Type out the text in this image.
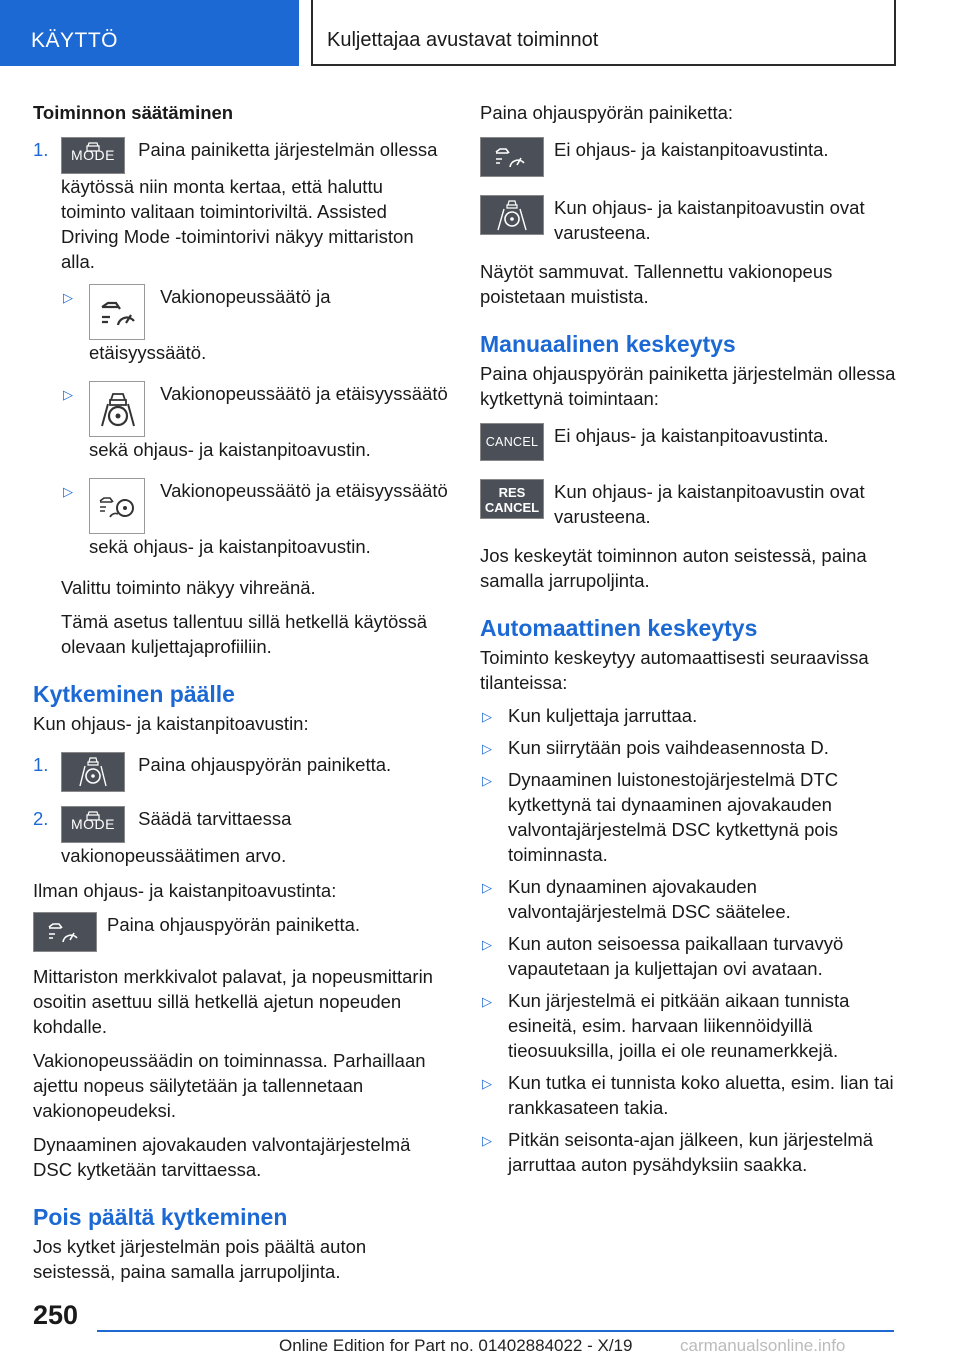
KÄYTTÖ	Kuljettajaa avustavat toiminnot
Toiminnon säätäminen
1.	MODE	Paina painiketta järjestelmän ollessa käytössä niin monta kertaa, että haluttu toiminto valitaan toimintoriviltä. Assisted Driving Mode -toimintorivi näkyy mittariston alla.
▷	Vakionopeussäätö ja etäisyyssäätö.
▷	Vakionopeussäätö ja etäisyyssäätö sekä ohjaus- ja kaistanpitoavustin.
▷	Vakionopeussäätö ja etäisyyssäätö sekä ohjaus- ja kaistanpitoavustin.

Valittu toiminto näkyy vihreänä.

Tämä asetus tallentuu sillä hetkellä käytössä olevaan kuljettajaprofiiliin.

Kytkeminen päälle

Kun ohjaus- ja kaistanpitoavustin:

1.	Paina ohjauspyörän painiketta.
2.	MODE	Säädä tarvittaessa vakionopeussäätimen arvo.

Ilman ohjaus- ja kaistanpitoavustinta:

Paina ohjauspyörän painiketta.

Mittariston merkkivalot palavat, ja nopeusmittarin osoitin asettuu sillä hetkellä ajetun nopeuden kohdalle.

Vakionopeussäädin on toiminnassa. Parhaillaan ajettu nopeus säilytetään ja tallennetaan vakionopeudeksi.

Dynaaminen ajovakauden valvontajärjestelmä DSC kytketään tarvittaessa.

Pois päältä kytkeminen

Jos kytket järjestelmän pois päältä auton seistessä, paina samalla jarrupoljinta.

Paina ohjauspyörän painiketta:

Ei ohjaus- ja kaistanpitoavustinta.
Kun ohjaus- ja kaistanpitoavustin ovat varusteena.

Näytöt sammuvat. Tallennettu vakionopeus poistetaan muistista.

Manuaalinen keskeytys

Paina ohjauspyörän painiketta järjestelmän ollessa kytkettynä toimintaan:

CANCEL Ei ohjaus- ja kaistanpitoavustinta.
RES
CANCEL
Kun ohjaus- ja kaistanpitoavustin ovat varusteena.

Jos keskeytät toiminnon auton seistessä, paina samalla jarrupoljinta.

Automaattinen keskeytys

Toiminto keskeytyy automaattisesti seuraavissa tilanteissa:

▷ Kun kuljettaja jarruttaa.
▷ Kun siirrytään pois vaihdeasennosta D.
▷ Dynaaminen luistonestojärjestelmä DTC kytkettynä tai dynaaminen ajovakauden valvontajärjestelmä DSC kytkettynä pois toiminnasta.
▷ Kun dynaaminen ajovakauden valvontajärjestelmä DSC säätelee.
▷ Kun auton seisoessa paikallaan turvavyö vapautetaan ja kuljettajan ovi avataan.
▷ Kun järjestelmä ei pitkään aikaan tunnista esineitä, esim. harvaan liikennöidyillä tieosuuksilla, joilla ei ole reunamerkkejä.
▷ Kun tutka ei tunnista koko aluetta, esim. lian tai rankkasateen takia.
▷ Pitkän seisonta-ajan jälkeen, kun järjestelmä jarruttaa auton pysähdyksiin saakka.
250
Online Edition for Part no. 01402884022 - X/19	carmanualsonline.info
